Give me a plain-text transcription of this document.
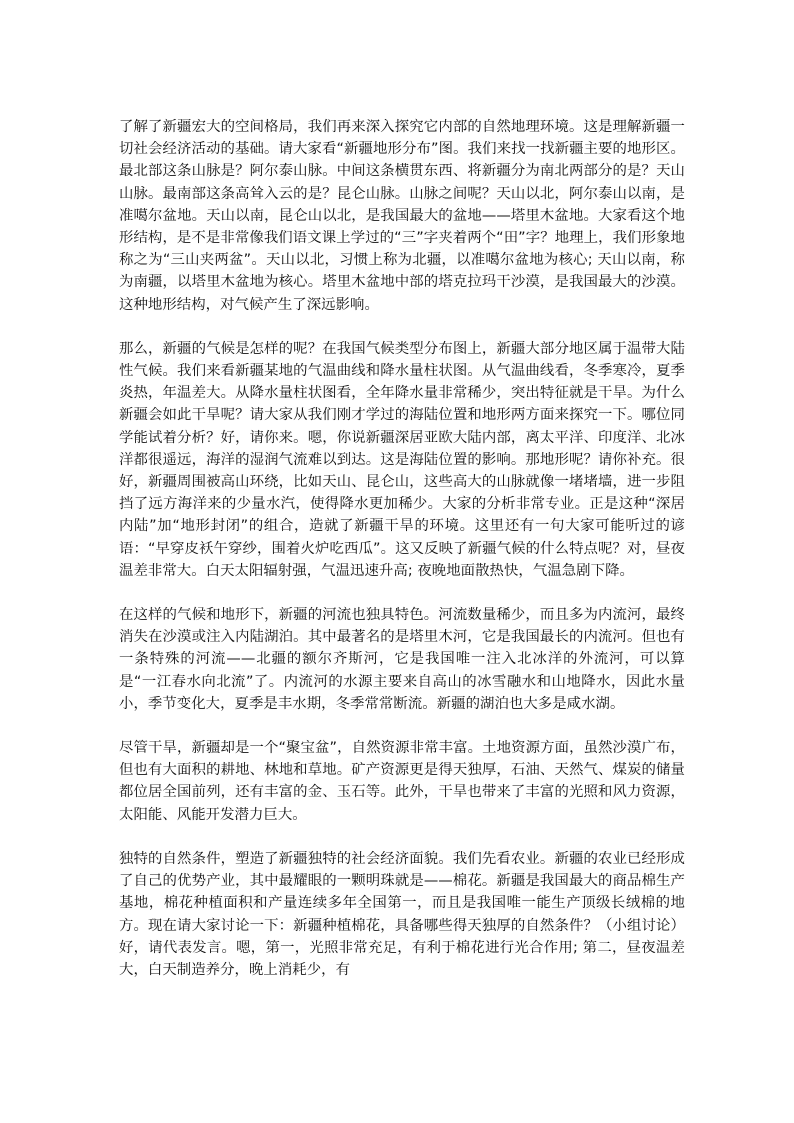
了解了新疆宏大的空间格局，我们再来深入探究它内部的自然地理环境。这是理解新疆一切社会经济活动的基础。请大家看“新疆地形分布”图。我们来找一找新疆主要的地形区。最北部这条山脉是？阿尔泰山脉。中间这条横贯东西、将新疆分为南北两部分的是？天山山脉。最南部这条高耸入云的是？昆仑山脉。山脉之间呢？天山以北，阿尔泰山以南，是准噶尔盆地。天山以南，昆仑山以北，是我国最大的盆地——塔里木盆地。大家看这个地形结构，是不是非常像我们语文课上学过的“三”字夹着两个“田”字？地理上，我们形象地称之为“三山夹两盆”。天山以北，习惯上称为北疆，以准噶尔盆地为核心; 天山以南，称为南疆，以塔里木盆地为核心。塔里木盆地中部的塔克拉玛干沙漠，是我国最大的沙漠。这种地形结构，对气候产生了深远影响。

那么，新疆的气候是怎样的呢？在我国气候类型分布图上，新疆大部分地区属于温带大陆性气候。我们来看新疆某地的气温曲线和降水量柱状图。从气温曲线看，冬季寒冷，夏季炎热，年温差大。从降水量柱状图看，全年降水量非常稀少，突出特征就是干旱。为什么新疆会如此干旱呢？请大家从我们刚才学过的海陆位置和地形两方面来探究一下。哪位同学能试着分析？好，请你来。嗯，你说新疆深居亚欧大陆内部，离太平洋、印度洋、北冰洋都很遥远，海洋的湿润气流难以到达。这是海陆位置的影响。那地形呢？请你补充。很好，新疆周围被高山环绕，比如天山、昆仑山，这些高大的山脉就像一堵堵墙，进一步阻挡了远方海洋来的少量水汽，使得降水更加稀少。大家的分析非常专业。正是这种“深居内陆”加“地形封闭”的组合，造就了新疆干旱的环境。这里还有一句大家可能听过的谚语：“早穿皮袄午穿纱，围着火炉吃西瓜”。这又反映了新疆气候的什么特点呢？对，昼夜温差非常大。白天太阳辐射强，气温迅速升高; 夜晚地面散热快，气温急剧下降。

在这样的气候和地形下，新疆的河流也独具特色。河流数量稀少，而且多为内流河，最终消失在沙漠或注入内陆湖泊。其中最著名的是塔里木河，它是我国最长的内流河。但也有一条特殊的河流——北疆的额尔齐斯河，它是我国唯一注入北冰洋的外流河，可以算是“一江春水向北流”了。内流河的水源主要来自高山的冰雪融水和山地降水，因此水量小，季节变化大，夏季是丰水期，冬季常常断流。新疆的湖泊也大多是咸水湖。

尽管干旱，新疆却是一个“聚宝盆”，自然资源非常丰富。土地资源方面，虽然沙漠广布，但也有大面积的耕地、林地和草地。矿产资源更是得天独厚，石油、天然气、煤炭的储量都位居全国前列，还有丰富的金、玉石等。此外，干旱也带来了丰富的光照和风力资源，太阳能、风能开发潜力巨大。

独特的自然条件，塑造了新疆独特的社会经济面貌。我们先看农业。新疆的农业已经形成了自己的优势产业，其中最耀眼的一颗明珠就是——棉花。新疆是我国最大的商品棉生产基地，棉花种植面积和产量连续多年全国第一，而且是我国唯一能生产顶级长绒棉的地方。现在请大家讨论一下：新疆种植棉花，具备哪些得天独厚的自然条件？（小组讨论）好，请代表发言。嗯，第一，光照非常充足，有利于棉花进行光合作用; 第二，昼夜温差大，白天制造养分，晚上消耗少，有
